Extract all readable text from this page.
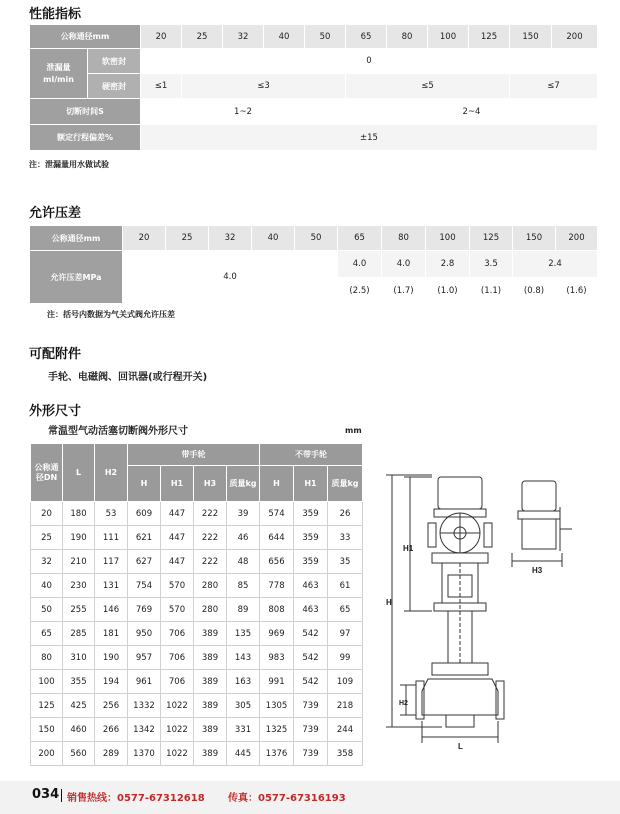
性能指标
公称通径mm		20	25	32	40	50	65	80	100	125	150	200	
泄漏量
ml/min	软密封	0											
	硬密封	≤1	≤3				≤5				≤7	
切断时间S		1~2					2~4						
额定行程偏差%		±15											
注：泄漏量用水做试验
允许压差
公称通径mm	20	25	32	40	50	65	80	100	125	150	200
允许压差MPa	4.0					4.0	4.0	2.8	3.5	2.4	
						(2.5)	(1.7)	(1.0)	(1.1)	(0.8)	(1.6)
注：括号内数据为气关式阀允许压差
可配附件
手轮、电磁阀、回讯器(或行程开关)
外形尺寸
常温型气动活塞切断阀外形尺寸	mm
公称通径DN	L	H2	带手轮				不带手轮		
			H	H1	H3	质量kg	H	H1	质量kg
20	180	53	609	447	222	39	574	359	26
25	190	111	621	447	222	46	644	359	33
32	210	117	627	447	222	48	656	359	35
40	230	131	754	570	280	85	778	463	61
50	255	146	769	570	280	89	808	463	65
65	285	181	950	706	389	135	969	542	97
80	310	190	957	706	389	143	983	542	99
100	355	194	961	706	389	163	991	542	109
125	425	256	1332	1022	389	305	1305	739	218
150	460	266	1342	1022	389	331	1325	739	244
200	560	289	1370	1022	389	445	1376	739	358
H
H1
H2
H3
L
034 销售热线：0577-67312618 传真：0577-67316193
